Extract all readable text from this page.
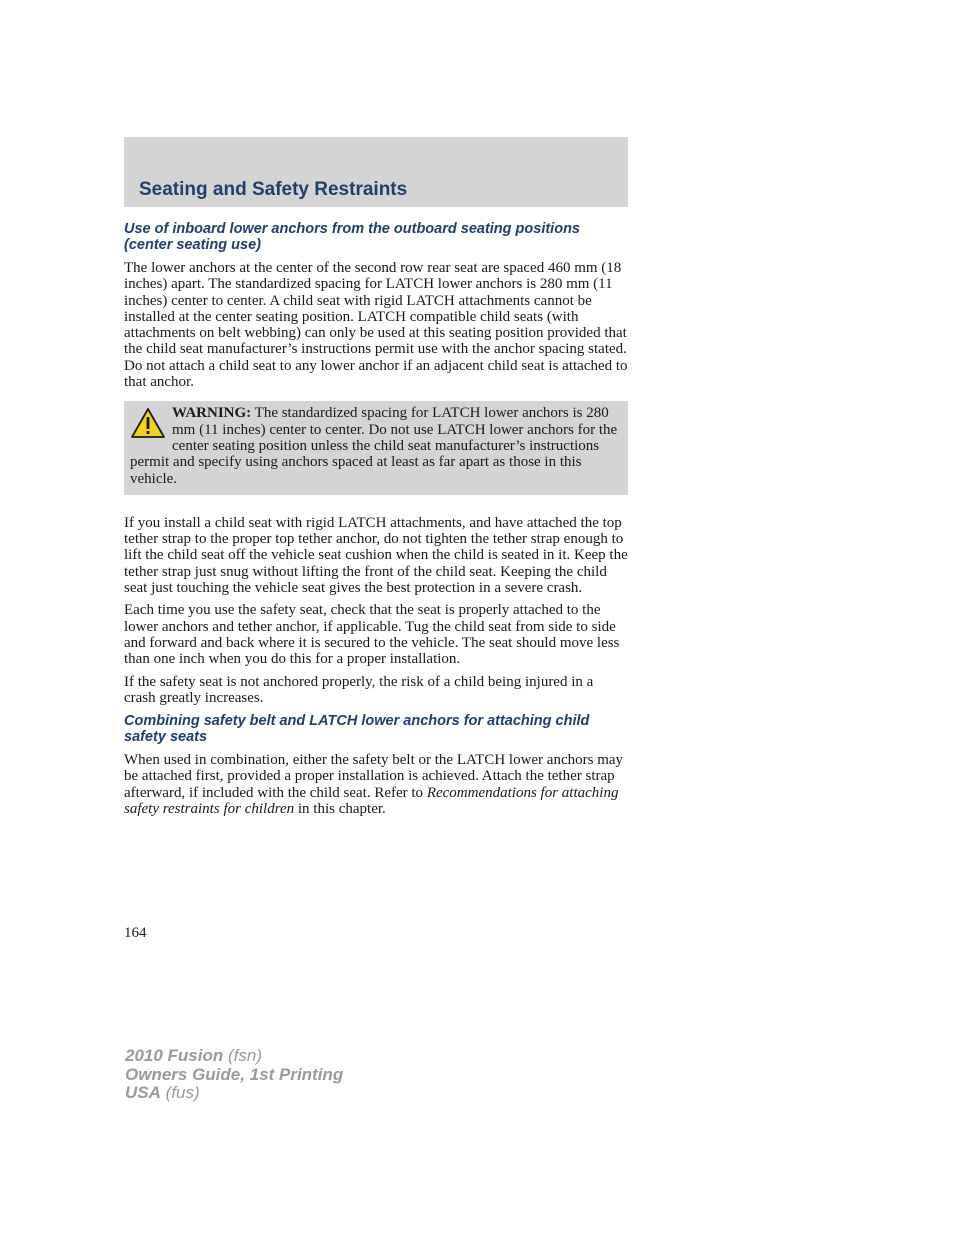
Seating and Safety Restraints
Use of inboard lower anchors from the outboard seating positions (center seating use)

The lower anchors at the center of the second row rear seat are spaced 460 mm (18 inches) apart. The standardized spacing for LATCH lower anchors is 280 mm (11 inches) center to center. A child seat with rigid LATCH attachments cannot be installed at the center seating position. LATCH compatible child seats (with attachments on belt webbing) can only be used at this seating position provided that the child seat manufacturer’s instructions permit use with the anchor spacing stated. Do not attach a child seat to any lower anchor if an adjacent child seat is attached to that anchor.

WARNING: The standardized spacing for LATCH lower anchors is 280 mm (11 inches) center to center. Do not use LATCH lower anchors for the center seating position unless the child seat manufacturer’s instructions permit and specify using anchors spaced at least as far apart as those in this vehicle.

If you install a child seat with rigid LATCH attachments, and have attached the top tether strap to the proper top tether anchor, do not tighten the tether strap enough to lift the child seat off the vehicle seat cushion when the child is seated in it. Keep the tether strap just snug without lifting the front of the child seat. Keeping the child seat just touching the vehicle seat gives the best protection in a severe crash.

Each time you use the safety seat, check that the seat is properly attached to the lower anchors and tether anchor, if applicable. Tug the child seat from side to side and forward and back where it is secured to the vehicle. The seat should move less than one inch when you do this for a proper installation.

If the safety seat is not anchored properly, the risk of a child being injured in a crash greatly increases.

Combining safety belt and LATCH lower anchors for attaching child safety seats

When used in combination, either the safety belt or the LATCH lower anchors may be attached first, provided a proper installation is achieved. Attach the tether strap afterward, if included with the child seat. Refer to Recommendations for attaching safety restraints for children in this chapter.

164
2010 Fusion (fsn)
Owners Guide, 1st Printing
USA (fus)
